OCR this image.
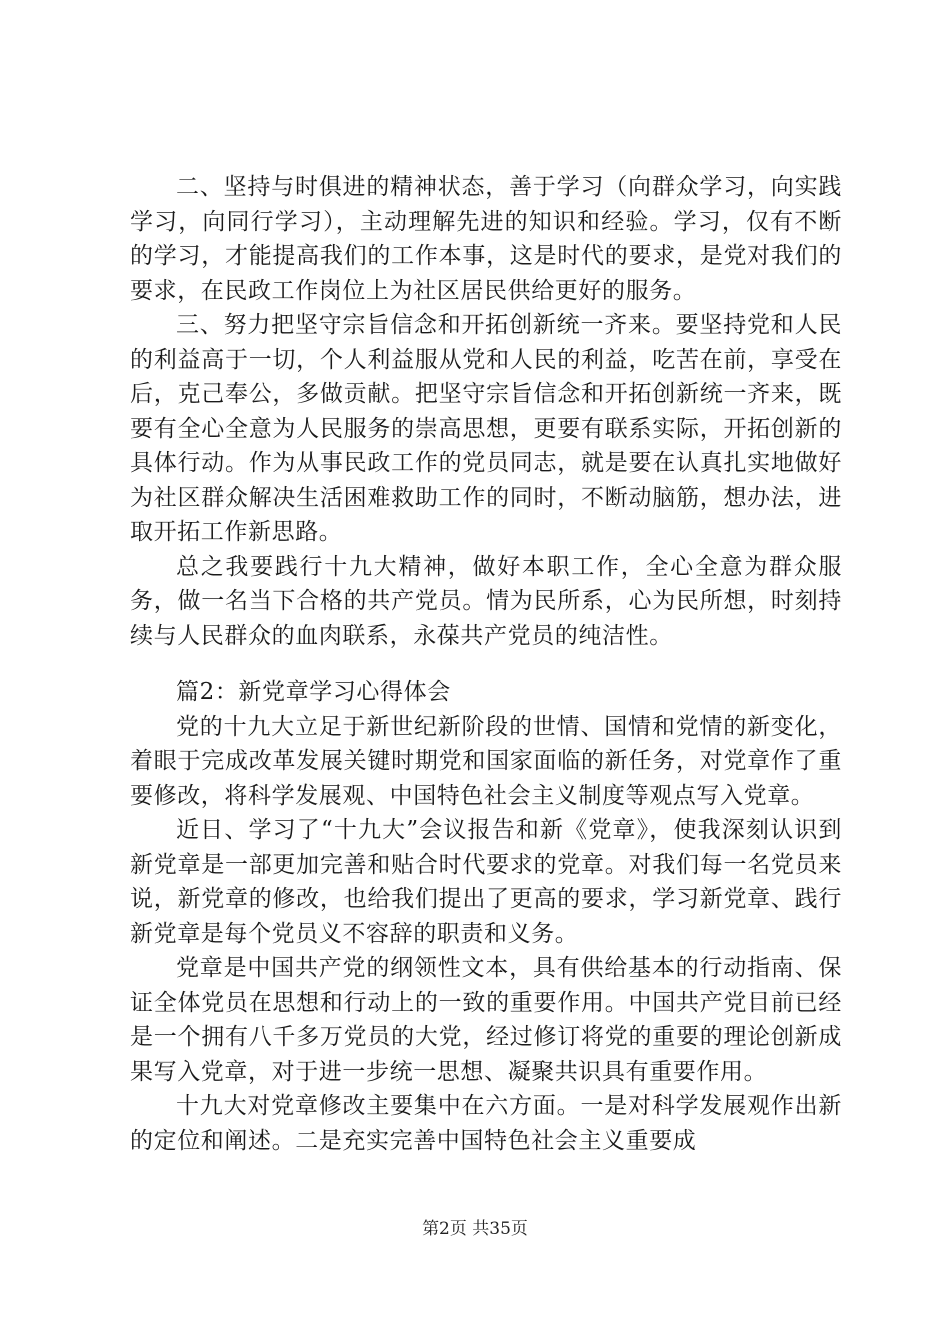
二、坚持与时俱进的精神状态，善于学习（向群众学习，向实践学习，向同行学习），主动理解先进的知识和经验。学习，仅有不断的学习，才能提高我们的工作本事，这是时代的要求，是党对我们的要求，在民政工作岗位上为社区居民供给更好的服务。

三、努力把坚守宗旨信念和开拓创新统一齐来。要坚持党和人民的利益高于一切，个人利益服从党和人民的利益，吃苦在前，享受在后，克己奉公，多做贡献。把坚守宗旨信念和开拓创新统一齐来，既要有全心全意为人民服务的崇高思想，更要有联系实际，开拓创新的具体行动。作为从事民政工作的党员同志，就是要在认真扎实地做好为社区群众解决生活困难救助工作的同时，不断动脑筋，想办法，进取开拓工作新思路。

总之我要践行十九大精神，做好本职工作，全心全意为群众服务，做一名当下合格的共产党员。情为民所系，心为民所想，时刻持续与人民群众的血肉联系，永葆共产党员的纯洁性。

篇2：新党章学习心得体会

党的十九大立足于新世纪新阶段的世情、国情和党情的新变化，着眼于完成改革发展关键时期党和国家面临的新任务，对党章作了重要修改，将科学发展观、中国特色社会主义制度等观点写入党章。

近日、学习了“十九大”会议报告和新《党章》，使我深刻认识到新党章是一部更加完善和贴合时代要求的党章。对我们每一名党员来说，新党章的修改，也给我们提出了更高的要求，学习新党章、践行新党章是每个党员义不容辞的职责和义务。

党章是中国共产党的纲领性文本，具有供给基本的行动指南、保证全体党员在思想和行动上的一致的重要作用。中国共产党目前已经是一个拥有八千多万党员的大党，经过修订将党的重要的理论创新成果写入党章，对于进一步统一思想、凝聚共识具有重要作用。

十九大对党章修改主要集中在六方面。一是对科学发展观作出新的定位和阐述。二是充实完善中国特色社会主义重要成

第2页 共35页
